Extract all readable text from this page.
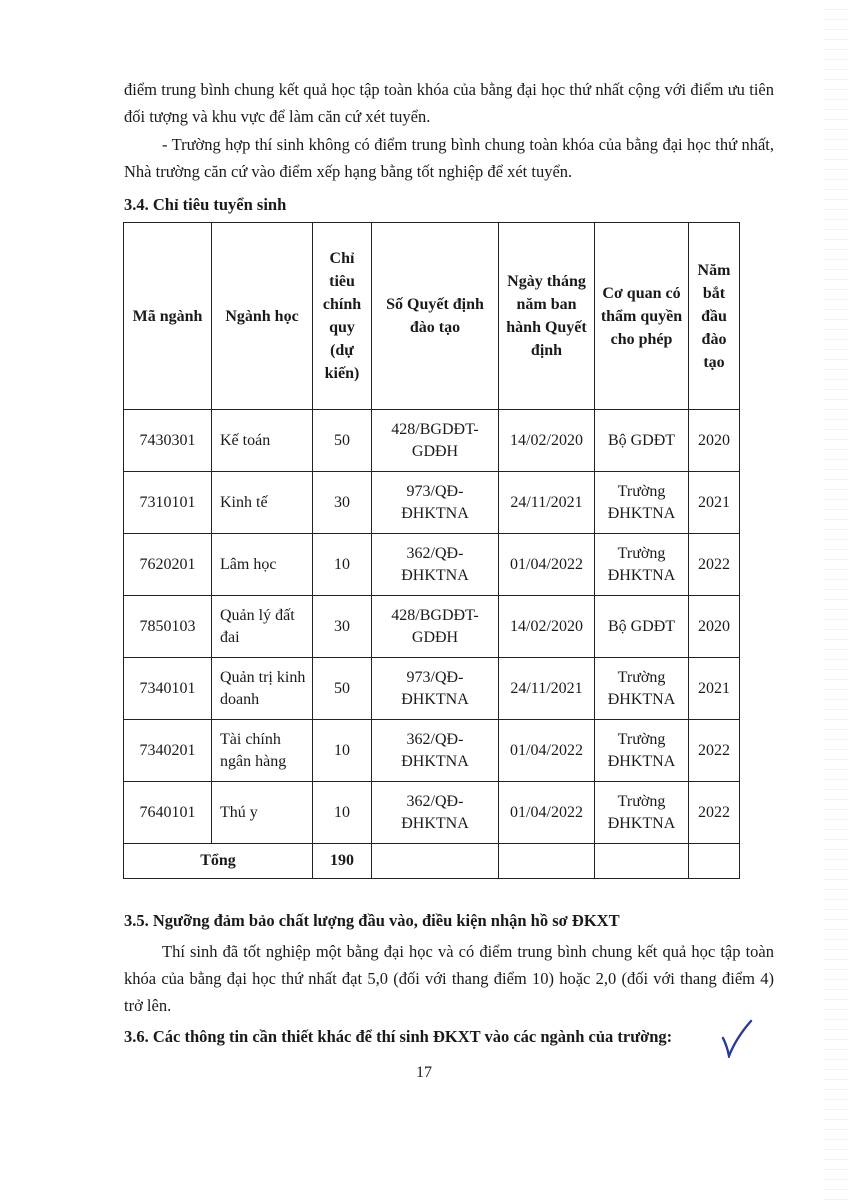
điểm trung bình chung kết quả học tập toàn khóa của bằng đại học thứ nhất cộng với điểm ưu tiên đối tượng và khu vực để làm căn cứ xét tuyển.

- Trường hợp thí sinh không có điểm trung bình chung toàn khóa của bằng đại học thứ nhất, Nhà trường căn cứ vào điểm xếp hạng bằng tốt nghiệp để xét tuyển.

3.4. Chỉ tiêu tuyển sinh
Mã ngành	Ngành học	Chỉ tiêu chính quy (dự kiến)	Số Quyết định đào tạo	Ngày tháng năm ban hành Quyết định	Cơ quan có thẩm quyền cho phép	Năm bắt đầu đào tạo
7430301	Kế toán	50	428/BGDĐT-GDĐH	14/02/2020	Bộ GDĐT	2020
7310101	Kinh tế	30	973/QĐ-ĐHKTNA	24/11/2021	Trường ĐHKTNA	2021
7620201	Lâm học	10	362/QĐ-ĐHKTNA	01/04/2022	Trường ĐHKTNA	2022
7850103	Quản lý đất đai	30	428/BGDĐT-GDĐH	14/02/2020	Bộ GDĐT	2020
7340101	Quản trị kinh doanh	50	973/QĐ-ĐHKTNA	24/11/2021	Trường ĐHKTNA	2021
7340201	Tài chính ngân hàng	10	362/QĐ-ĐHKTNA	01/04/2022	Trường ĐHKTNA	2022
7640101	Thú y	10	362/QĐ-ĐHKTNA	01/04/2022	Trường ĐHKTNA	2022
Tổng		190				
3.5. Ngưỡng đảm bảo chất lượng đầu vào, điều kiện nhận hồ sơ ĐKXT

Thí sinh đã tốt nghiệp một bằng đại học và có điểm trung bình chung kết quả học tập toàn khóa của bằng đại học thứ nhất đạt 5,0 (đối với thang điểm 10) hoặc 2,0 (đối với thang điểm 4) trở lên.

3.6. Các thông tin cần thiết khác để thí sinh ĐKXT vào các ngành của trường:
17
